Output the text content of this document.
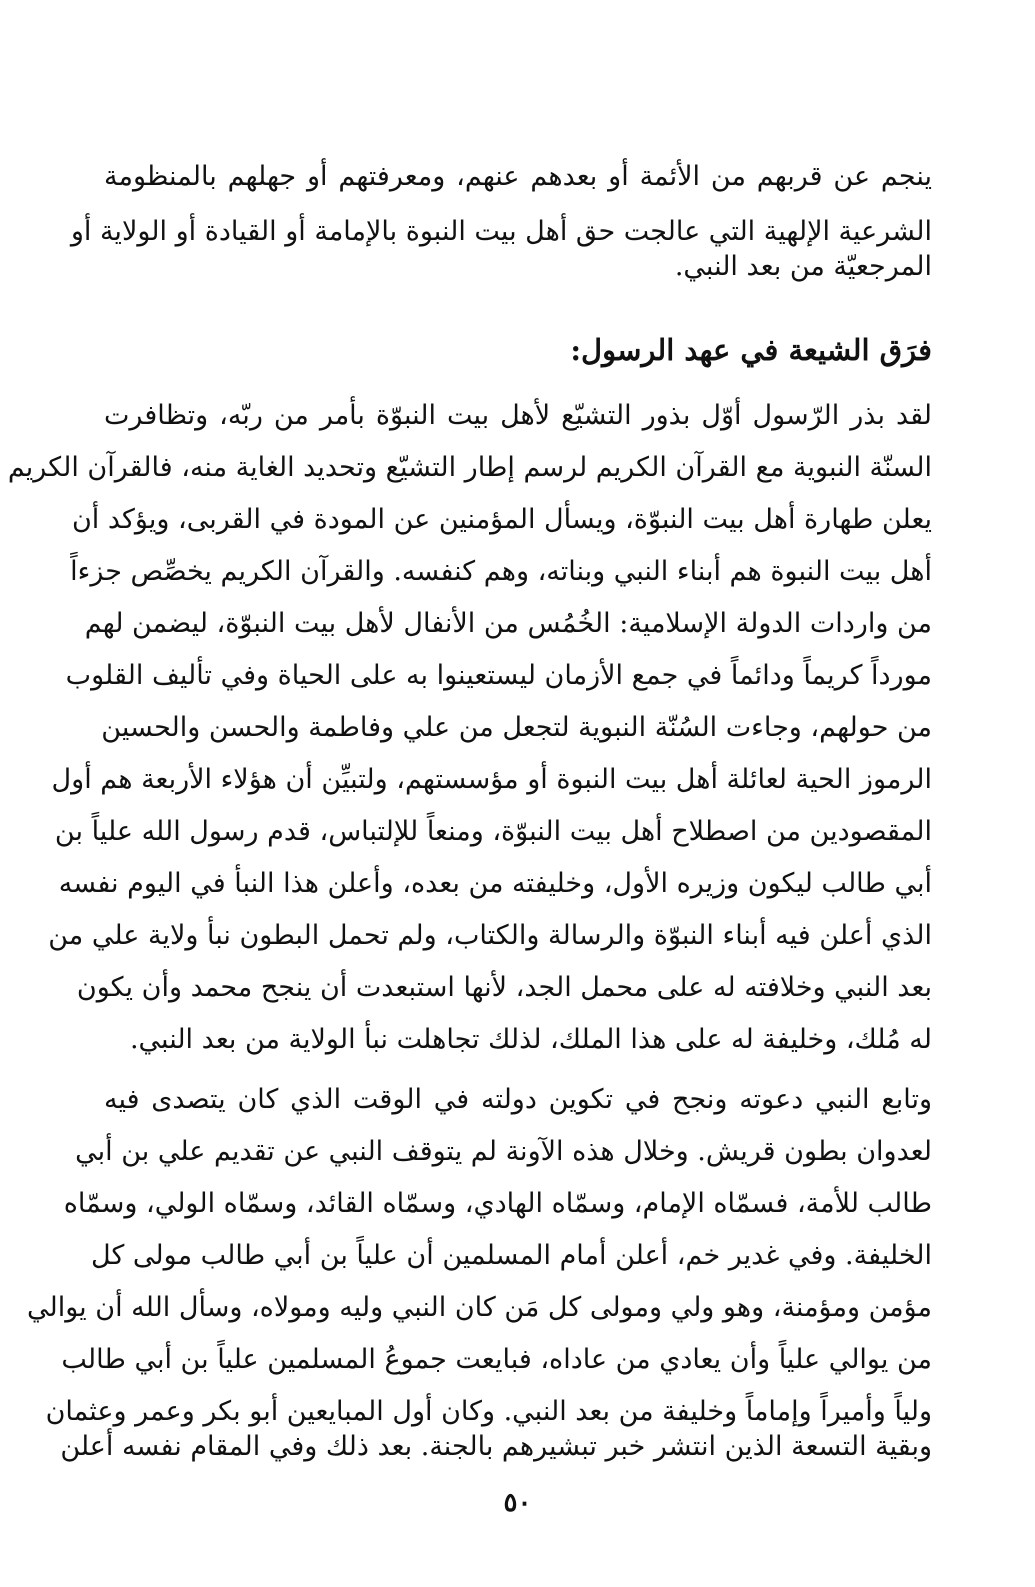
ينجم عن قربهم من الأئمة أو بعدهم عنهم، ومعرفتهم أو جهلهم بالمنظومة
الشرعية الإلهية التي عالجت حق أهل بيت النبوة بالإمامة أو القيادة أو الولاية أو
المرجعيّة من بعد النبي.
فرَق الشيعة في عهد الرسول:
لقد بذر الرّسول أوّل بذور التشيّع لأهل بيت النبوّة بأمر من ربّه، وتظافرت
السنّة النبوية مع القرآن الكريم لرسم إطار التشيّع وتحديد الغاية منه، فالقرآن الكريم
يعلن طهارة أهل بيت النبوّة، ويسأل المؤمنين عن المودة في القربى، ويؤكد أن
أهل بيت النبوة هم أبناء النبي وبناته، وهم كنفسه. والقرآن الكريم يخصِّص جزءاً
من واردات الدولة الإسلامية: الخُمُس من الأنفال لأهل بيت النبوّة، ليضمن لهم
مورداً كريماً ودائماً في جمع الأزمان ليستعينوا به على الحياة وفي تأليف القلوب
من حولهم، وجاءت السُنّة النبوية لتجعل من علي وفاطمة والحسن والحسين
الرموز الحية لعائلة أهل بيت النبوة أو مؤسستهم، ولتبيِّن أن هؤلاء الأربعة هم أول
المقصودين من اصطلاح أهل بيت النبوّة، ومنعاً للإلتباس، قدم رسول الله علياً بن
أبي طالب ليكون وزيره الأول، وخليفته من بعده، وأعلن هذا النبأ في اليوم نفسه
الذي أعلن فيه أبناء النبوّة والرسالة والكتاب، ولم تحمل البطون نبأ ولاية علي من
بعد النبي وخلافته له على محمل الجد، لأنها استبعدت أن ينجح محمد وأن يكون
له مُلك، وخليفة له على هذا الملك، لذلك تجاهلت نبأ الولاية من بعد النبي.
وتابع النبي دعوته ونجح في تكوين دولته في الوقت الذي كان يتصدى فيه
لعدوان بطون قريش. وخلال هذه الآونة لم يتوقف النبي عن تقديم علي بن أبي
طالب للأمة، فسمّاه الإمام، وسمّاه الهادي، وسمّاه القائد، وسمّاه الولي، وسمّاه
الخليفة. وفي غدير خم، أعلن أمام المسلمين أن علياً بن أبي طالب مولى كل
مؤمن ومؤمنة، وهو ولي ومولى كل مَن كان النبي وليه ومولاه، وسأل الله أن يوالي
من يوالي علياً وأن يعادي من عاداه، فبايعت جموعُ المسلمين علياً بن أبي طالب
ولياً وأميراً وإماماً وخليفة من بعد النبي. وكان أول المبايعين أبو بكر وعمر وعثمان
وبقية التسعة الذين انتشر خبر تبشيرهم بالجنة. بعد ذلك وفي المقام نفسه أعلن
٥٠
